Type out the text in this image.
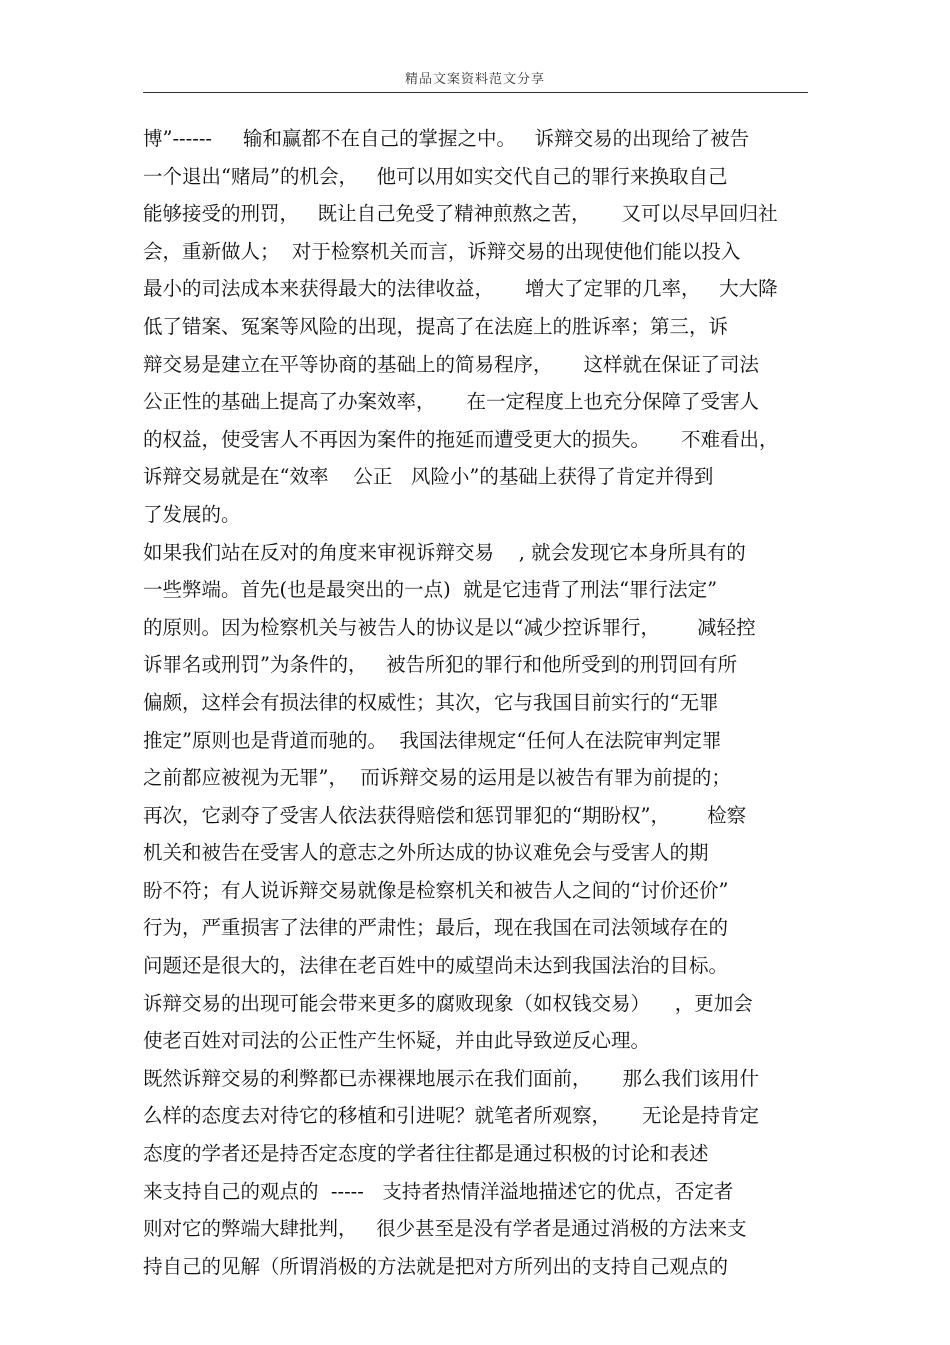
精品文案资料范文分享
博”------     输和赢都不在自己的掌握之中。   诉辩交易的出现给了被告
一个退出“赌局”的机会，   他可以用如实交代自己的罪行来换取自己
能够接受的刑罚，   既让自己免受了精神煎熬之苦，     又可以尽早回归社
会，重新做人；  对于检察机关而言，诉辩交易的出现使他们能以投入
最小的司法成本来获得最大的法律收益，     增大了定罪的几率，   大大降
低了错案、冤案等风险的出现，提高了在法庭上的胜诉率；第三，诉
辩交易是建立在平等协商的基础上的简易程序，     这样就在保证了司法
公正性的基础上提高了办案效率，     在一定程度上也充分保障了受害人
的权益，使受害人不再因为案件的拖延而遭受更大的损失。     不难看出，
诉辩交易就是在“效率    公正   风险小”的基础上获得了肯定并得到
了发展的。
如果我们站在反对的角度来审视诉辩交易    , 就会发现它本身所具有的
一些弊端。首先(也是最突出的一点)  就是它违背了刑法“罪行法定”
的原则。因为检察机关与被告人的协议是以“减少控诉罪行，      减轻控
诉罪名或刑罚”为条件的，   被告所犯的罪行和他所受到的刑罚回有所
偏颇，这样会有损法律的权威性；其次，它与我国目前实行的“无罪
推定”原则也是背道而驰的。  我国法律规定“任何人在法院审判定罪
之前都应被视为无罪”，  而诉辩交易的运用是以被告有罪为前提的；
再次，它剥夺了受害人依法获得赔偿和惩罚罪犯的“期盼权”，      检察
机关和被告在受害人的意志之外所达成的协议难免会与受害人的期
盼不符；有人说诉辩交易就像是检察机关和被告人之间的“讨价还价”
行为，严重损害了法律的严肃性；最后，现在我国在司法领域存在的
问题还是很大的，法律在老百姓中的威望尚未达到我国法治的目标。
诉辩交易的出现可能会带来更多的腐败现象（如权钱交易）    ，更加会
使老百姓对司法的公正性产生怀疑，并由此导致逆反心理。
既然诉辩交易的利弊都已赤裸裸地展示在我们面前，     那么我们该用什
么样的态度去对待它的移植和引进呢？就笔者所观察，     无论是持肯定
态度的学者还是持否定态度的学者往往都是通过积极的讨论和表述
来支持自己的观点的  -----   支持者热情洋溢地描述它的优点，否定者
则对它的弊端大肆批判，   很少甚至是没有学者是通过消极的方法来支
持自己的见解（所谓消极的方法就是把对方所列出的支持自己观点的
